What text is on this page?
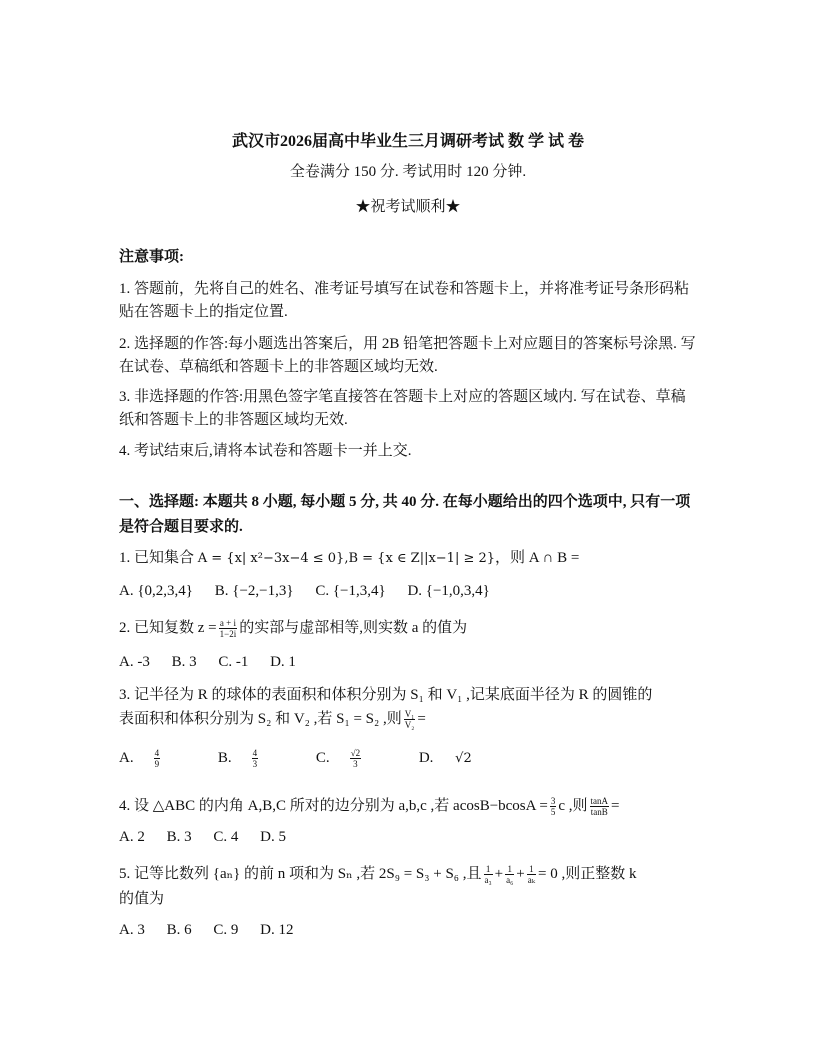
武汉市2026届高中毕业生三月调研考试 数 学 试 卷
全卷满分 150 分. 考试用时 120 分钟.
★祝考试顺利★
注意事项:
1. 答题前，先将自己的姓名、准考证号填写在试卷和答题卡上，并将准考证号条形码粘贴在答题卡上的指定位置.
2. 选择题的作答:每小题选出答案后，用 2B 铅笔把答题卡上对应题目的答案标号涂黑. 写在试卷、草稿纸和答题卡上的非答题区域均无效.
3. 非选择题的作答:用黑色签字笔直接答在答题卡上对应的答题区域内. 写在试卷、草稿纸和答题卡上的非答题区域均无效.
4. 考试结束后,请将本试卷和答题卡一并上交.
一、选择题: 本题共 8 小题, 每小题 5 分, 共 40 分. 在每小题给出的四个选项中, 只有一项 是符合题目要求的.
1. 已知集合 A = {x| x²−3x−4 ≤ 0},B = {x ∈ Z||x−1| ≥ 2}，则 A ∩ B =
A. {0,2,3,4} B. {−2,−1,3} C. {−1,3,4} D. {−1,0,3,4}
2. 已知复数 $z = \frac{a + i}{1-2i}$ 的实部与虚部相等,则实数 a 的值为
A. -3 B. 3 C. -1 D. 1
3. 记半径为 R 的球体的表面积和体积分别为 S₁ 和 V₁ ,记某底面半径为 R 的圆锥的
表面积和体积分别为 S₂ 和 V₂ ,若 S₁ = S₂ ,则 $\frac{\text{V₁}}{\text{V₂}}$ =
A. $\frac{4}{9}$	B. $\frac{4}{3}$	C. $\frac{√2}{3}$	D. √2
4. 设 △ABC 的内角 A,B,C 所对的边分别为 a,b,c ,若 $acosB-bcosA = \frac{3}{5}$ c ,则 $\frac{\tan A}{\tan B}$ =
A. 2 B. 3 C. 4 D. 5
5. 记等比数列 {aₙ} 的前 n 项和为 Sₙ ,若 2S₉ = S₃ + S₆ ,且 $\frac{1}{\text{a₃}} + \frac{1}{\text{a₆}} + \frac{1}{\text{aₖ}} = 0$ ,则正整数 k
的值为
A. 3 B. 6 C. 9 D. 12
